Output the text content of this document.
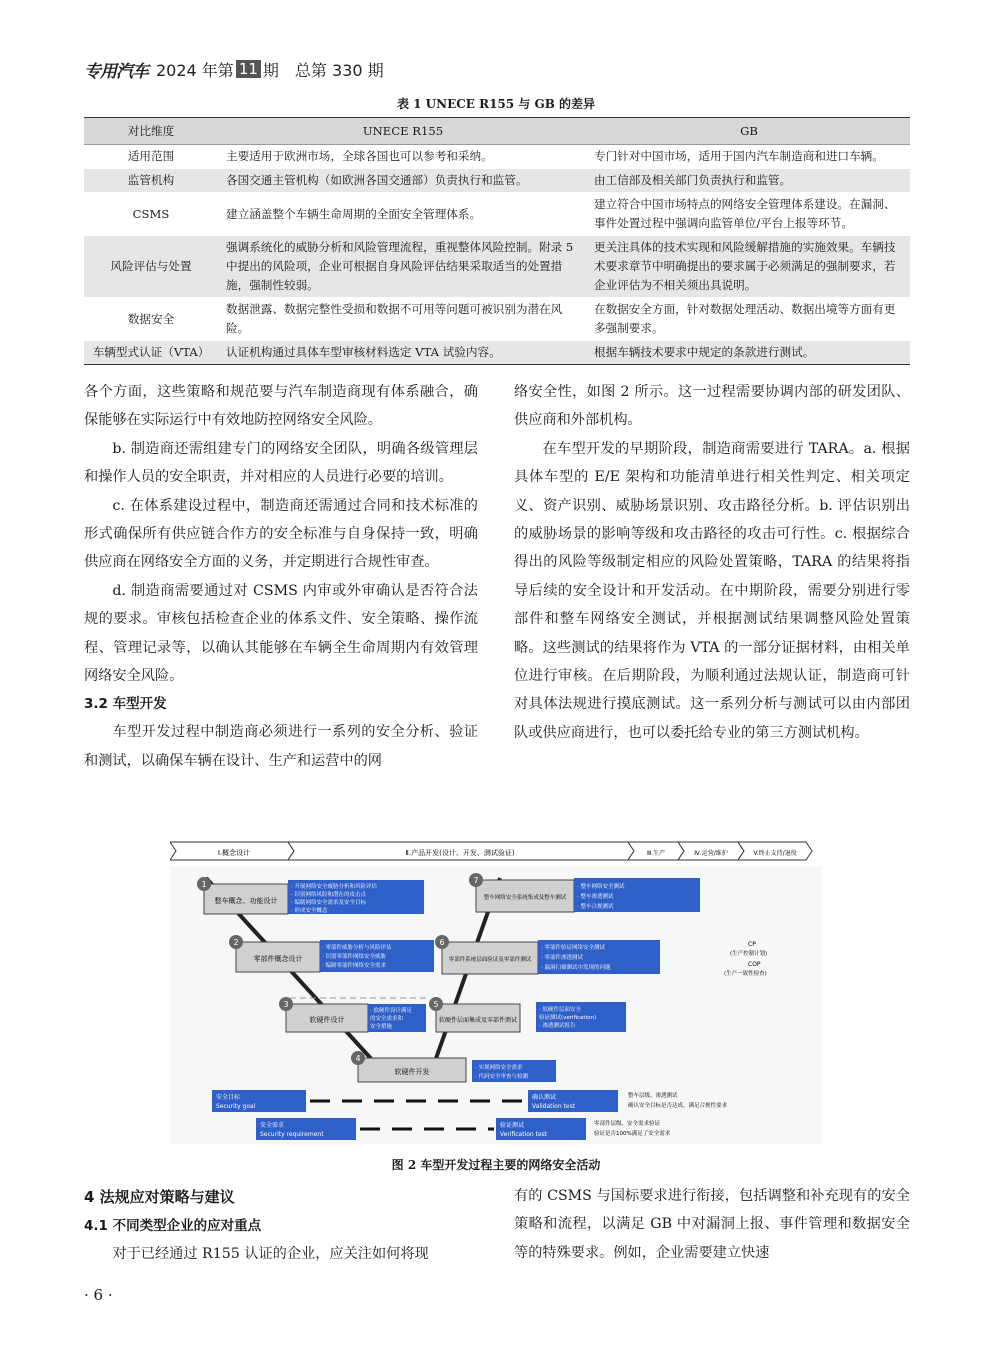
专用汽车 2024 年第 11 期 总第 330 期
表 1 UNECE R155 与 GB 的差异
对比维度	UNECE R155	GB
适用范围	主要适用于欧洲市场，全球各国也可以参考和采纳。	专门针对中国市场，适用于国内汽车制造商和进口车辆。
监管机构	各国交通主管机构（如欧洲各国交通部）负责执行和监管。	由工信部及相关部门负责执行和监管。
CSMS	建立涵盖整个车辆生命周期的全面安全管理体系。	建立符合中国市场特点的网络安全管理体系建设。在漏洞、事件处置过程中强调向监管单位/平台上报等环节。
风险评估与处置	强调系统化的威胁分析和风险管理流程，重视整体风险控制。附录 5 中提出的风险项，企业可根据自身风险评估结果采取适当的处置措施，强制性较弱。	更关注具体的技术实现和风险缓解措施的实施效果。车辆技术要求章节中明确提出的要求属于必须满足的强制要求，若企业评估为不相关须出具说明。
数据安全	数据泄露、数据完整性受损和数据不可用等问题可被识别为潜在风险。	在数据安全方面，针对数据处理活动、数据出境等方面有更多强制要求。
车辆型式认证（VTA）	认证机构通过具体车型审核材料选定 VTA 试验内容。	根据车辆技术要求中规定的条款进行测试。

各个方面，这些策略和规范要与汽车制造商现有体系融合，确保能够在实际运行中有效地防控网络安全风险。

b. 制造商还需组建专门的网络安全团队，明确各级管理层和操作人员的安全职责，并对相应的人员进行必要的培训。

c. 在体系建设过程中，制造商还需通过合同和技术标准的形式确保所有供应链合作方的安全标准与自身保持一致，明确供应商在网络安全方面的义务，并定期进行合规性审查。

d. 制造商需要通过对 CSMS 内审或外审确认是否符合法规的要求。审核包括检查企业的体系文件、安全策略、操作流程、管理记录等，以确认其能够在车辆全生命周期内有效管理网络安全风险。

3.2 车型开发

车型开发过程中制造商必须进行一系列的安全分析、验证和测试，以确保车辆在设计、生产和运营中的网

络安全性，如图 2 所示。这一过程需要协调内部的研发团队、供应商和外部机构。

在车型开发的早期阶段，制造商需要进行 TARA。a. 根据具体车型的 E/E 架构和功能清单进行相关性判定、相关项定义、资产识别、威胁场景识别、攻击路径分析。b. 评估识别出的威胁场景的影响等级和攻击路径的攻击可行性。c. 根据综合得出的风险等级制定相应的风险处置策略，TARA 的结果将指导后续的安全设计和开发活动。在中期阶段，需要分别进行零部件和整车网络安全测试，并根据测试结果调整风险处置策略。这些测试的结果将作为 VTA 的一部分证据材料，由相关单位进行审核。在后期阶段，为顺利通过法规认证，制造商可针对具体法规进行摸底测试。这一系列分析与测试可以由内部团队或供应商进行，也可以委托给专业的第三方测试机构。

Ⅰ.概念设计	Ⅱ.产品开发(设计、开发、测试验证)	Ⅲ.生产	Ⅳ.运营/维护	V.终止支持/退役
1
整车概念、功能设计
· 开展网络安全威胁分析和风险评估
· 识别网络风险和潜在的攻击点
· 编制网络安全需求及安全目标
· 形成安全概念
2
零部件概念设计
· 零部件威胁分析与风险评估
· 识别零部件网络安全威胁
· 编制零部件网络安全需求
3
软硬件设计
· 软硬件设计满足
的安全需求和
安全措施
4
软硬件开发	· 实现网络安全需求
· 代码安全审查与检测
5
软硬件层面集成及零部件测试
· 软硬件层面安全
验证测试(verification)
· 渗透测试报告
6
零部件系统层面验证及零部件测试
· 零部件验证网络安全测试
· 零部件渗透测试
· 漏洞扫描测试中发现的问题
7
整车网络安全系统集成及整车测试
· 整车网络安全测试
· 整车渗透测试
· 整车合规测试
CP
(生产控制计划)
COP
(生产一致性检查)
安全目标
Security goal
确认测试
Validation test
整车层级、渗透测试
确认安全目标是否达成，满足合规性要求
安全需求
Security requirement
验证测试
Verification test
零部件层级、安全需求验证
验证是否100%满足了安全需求
图 2 车型开发过程主要的网络安全活动
4 法规应对策略与建议
4.1 不同类型企业的应对重点

对于已经通过 R155 认证的企业，应关注如何将现

有的 CSMS 与国标要求进行衔接，包括调整和补充现有的安全策略和流程，以满足 GB 中对漏洞上报、事件管理和数据安全等的特殊要求。例如，企业需要建立快速

· 6 ·
